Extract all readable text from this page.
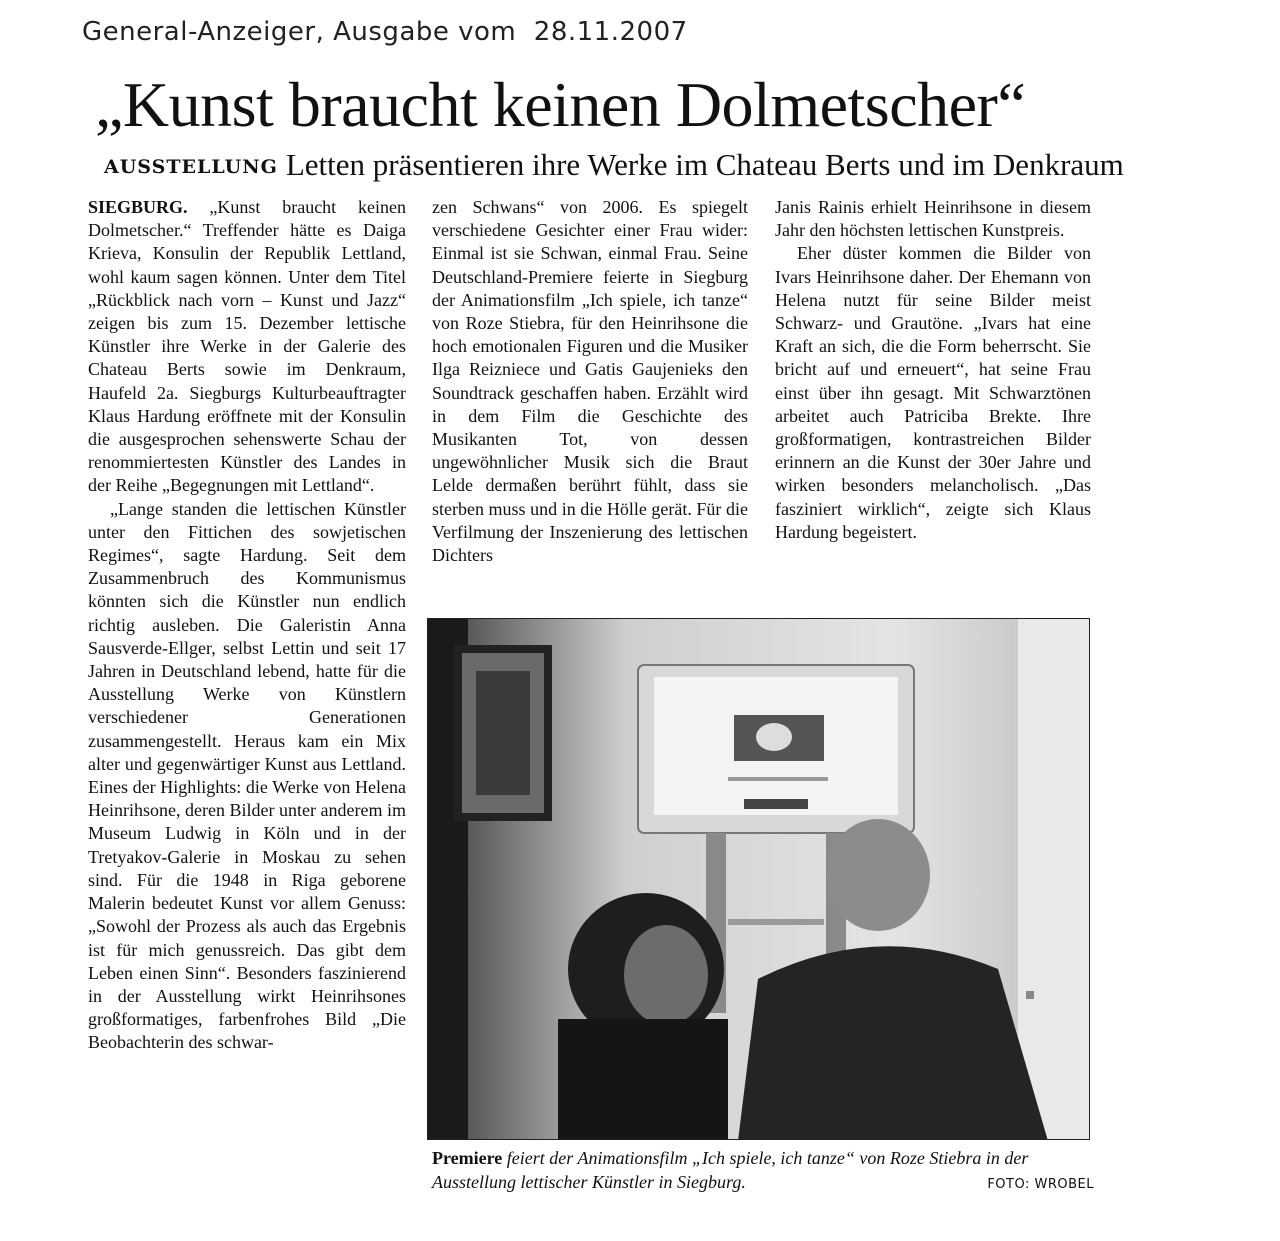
General-Anzeiger, Ausgabe vom  28.11.2007
„Kunst braucht keinen Dolmetscher“
AUSSTELLUNG Letten präsentieren ihre Werke im Chateau Berts und im Denkraum

SIEGBURG. „Kunst braucht keinen Dolmetscher.“ Treffender hätte es Daiga Krieva, Konsulin der Republik Lettland, wohl kaum sagen können. Unter dem Titel „Rückblick nach vorn – Kunst und Jazz“ zeigen bis zum 15. Dezember lettische Künstler ihre Werke in der Galerie des Chateau Berts sowie im Denkraum, Haufeld 2a. Siegburgs Kulturbeauftragter Klaus Hardung eröffnete mit der Konsulin die ausgesprochen sehenswerte Schau der renommiertesten Künstler des Landes in der Reihe „Begegnungen mit Lettland“.

„Lange standen die lettischen Künstler unter den Fittichen des sowjetischen Regimes“, sagte Hardung. Seit dem Zusammenbruch des Kommunismus könnten sich die Künstler nun endlich richtig ausleben. Die Galeristin Anna Sausverde-Ellger, selbst Lettin und seit 17 Jahren in Deutschland lebend, hatte für die Ausstellung Werke von Künstlern verschiedener Generationen zusammengestellt. Heraus kam ein Mix alter und gegenwärtiger Kunst aus Lettland. Eines der Highlights: die Werke von Helena Heinrihsone, deren Bilder unter anderem im Museum Ludwig in Köln und in der Tretyakov-Galerie in Moskau zu sehen sind. Für die 1948 in Riga geborene Malerin bedeutet Kunst vor allem Genuss: „Sowohl der Prozess als auch das Ergebnis ist für mich genussreich. Das gibt dem Leben einen Sinn“. Besonders faszinierend in der Ausstellung wirkt Heinrihsones großformatiges, farbenfrohes Bild „Die Beobachterin des schwar-

zen Schwans“ von 2006. Es spiegelt verschiedene Gesichter einer Frau wider: Einmal ist sie Schwan, einmal Frau. Seine Deutschland-Premiere feierte in Siegburg der Animationsfilm „Ich spiele, ich tanze“ von Roze Stiebra, für den Heinrihsone die hoch emotionalen Figuren und die Musiker Ilga Reizniece und Gatis Gaujenieks den Soundtrack geschaffen haben. Erzählt wird in dem Film die Geschichte des Musikanten Tot, von dessen ungewöhnlicher Musik sich die Braut Lelde dermaßen berührt fühlt, dass sie sterben muss und in die Hölle gerät. Für die Verfilmung der Inszenierung des lettischen Dichters

Janis Rainis erhielt Heinrihsone in diesem Jahr den höchsten lettischen Kunstpreis.

Eher düster kommen die Bilder von Ivars Heinrihsone daher. Der Ehemann von Helena nutzt für seine Bilder meist Schwarz- und Grautöne. „Ivars hat eine Kraft an sich, die die Form beherrscht. Sie bricht auf und erneuert“, hat seine Frau einst über ihn gesagt. Mit Schwarztönen arbeitet auch Patriciba Brekte. Ihre großformatigen, kontrastreichen Bilder erinnern an die Kunst der 30er Jahre und wirken besonders melancholisch. „Das fasziniert wirklich“, zeigte sich Klaus Hardung begeistert.

Premiere feiert der Animationsfilm „Ich spiele, ich tanze“ von Roze Stiebra in der Ausstellung lettischer Künstler in Siegburg.	FOTO: WROBEL
